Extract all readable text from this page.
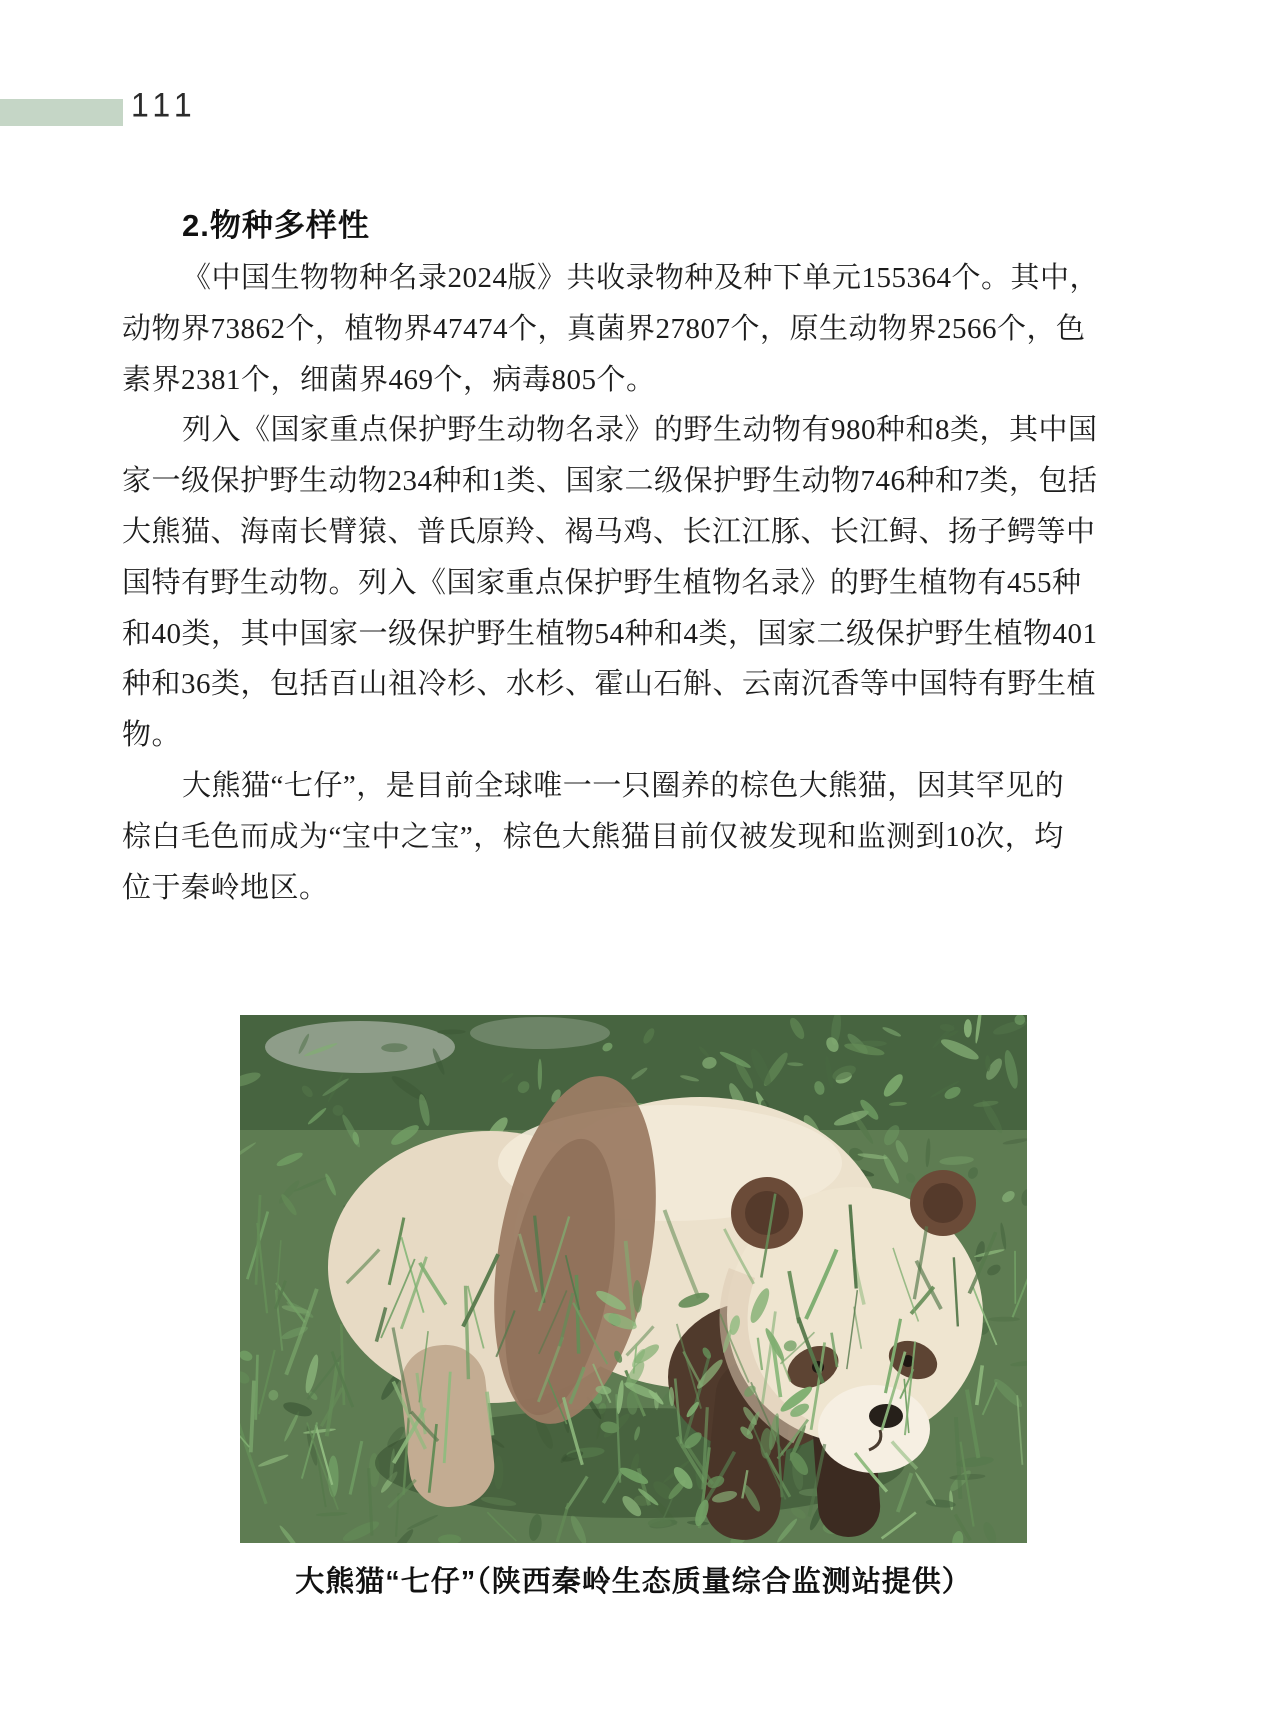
111
2.物种多样性
《中国生物物种名录2024版》共收录物种及种下单元155364个。其中，
动物界73862个，植物界47474个，真菌界27807个，原生动物界2566个，色
素界2381个，细菌界469个，病毒805个。
列入《国家重点保护野生动物名录》的野生动物有980种和8类，其中国
家一级保护野生动物234种和1类、国家二级保护野生动物746种和7类，包括
大熊猫、海南长臂猿、普氏原羚、褐马鸡、长江江豚、长江鲟、扬子鳄等中
国特有野生动物。列入《国家重点保护野生植物名录》的野生植物有455种
和40类，其中国家一级保护野生植物54种和4类，国家二级保护野生植物401
种和36类，包括百山祖冷杉、水杉、霍山石斛、云南沉香等中国特有野生植
物。
大熊猫“七仔”，是目前全球唯一一只圈养的棕色大熊猫，因其罕见的
棕白毛色而成为“宝中之宝”，棕色大熊猫目前仅被发现和监测到10次，均
位于秦岭地区。
大熊猫“七仔”（陕西秦岭生态质量综合监测站提供）
